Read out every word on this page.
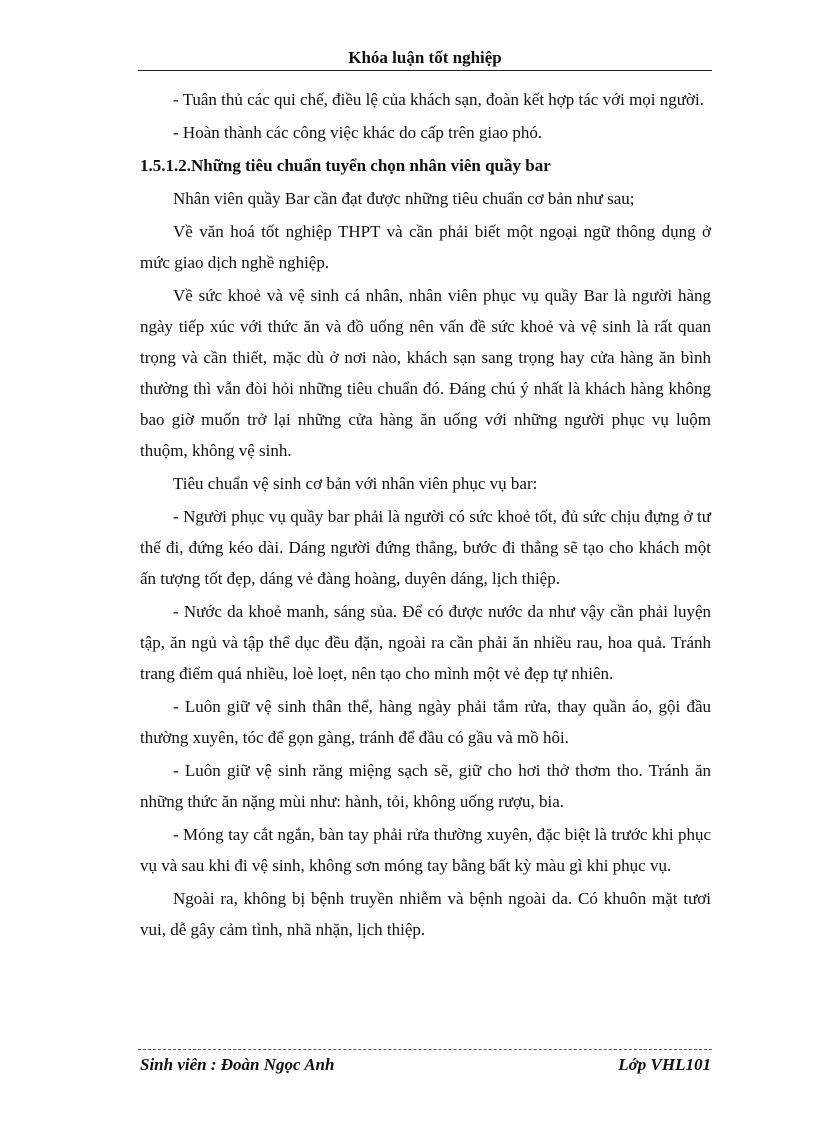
Khóa luận tốt nghiệp

- Tuân thủ các qui chế, điều lệ của khách sạn, đoàn kết hợp tác với mọi người.

- Hoàn thành các công việc khác do cấp trên giao phó.

1.5.1.2.Những tiêu chuẩn tuyển chọn nhân viên quầy bar

Nhân viên quầy Bar cần đạt được những tiêu chuẩn cơ bản như sau;

Về văn hoá tốt nghiệp THPT và cần phải biết một ngoại ngữ thông dụng ở mức giao dịch nghề nghiệp.

Về sức khoẻ và vệ sinh cá nhân, nhân viên phục vụ quầy Bar là người hàng ngày tiếp xúc với thức ăn và đồ uống nên vấn đề sức khoẻ và vệ sinh là rất quan trọng và cần thiết, mặc dù ở nơi nào, khách sạn sang trọng hay cửa hàng ăn bình thường thì vẫn đòi hỏi những tiêu chuẩn đó. Đáng chú ý nhất là khách hàng không bao giờ muốn trở lại những cửa hàng ăn uống với những người phục vụ luộm thuộm, không vệ sinh.

Tiêu chuẩn vệ sinh cơ bản với nhân viên phục vụ bar:

- Người phục vụ quầy bar phải là người có sức khoẻ tốt, đủ sức chịu đựng ở tư thế đi, đứng kéo dài. Dáng người đứng thẳng, bước đi thẳng sẽ tạo cho khách một ấn tượng tốt đẹp, dáng vẻ đàng hoàng, duyên dáng, lịch thiệp.

- Nước da khoẻ manh, sáng sủa. Để có được nước da như vậy cần phải luyện tập, ăn ngủ và tập thể dục đều đặn, ngoài ra cần phải ăn nhiều rau, hoa quả. Tránh trang điểm quá nhiều, loè loẹt, nên tạo cho mình một vẻ đẹp tự nhiên.

- Luôn giữ vệ sinh thân thể, hàng ngày phải tắm rửa, thay quần áo, gội đầu thường xuyên, tóc để gọn gàng, tránh để đầu có gầu và mồ hôi.

- Luôn giữ vệ sinh răng miệng sạch sẽ, giữ cho hơi thở thơm tho. Tránh ăn những thức ăn nặng mùi như: hành, tỏi, không uống rượu, bia.

- Móng tay cắt ngắn, bàn tay phải rửa thường xuyên, đặc biệt là trước khi phục vụ và sau khi đi vệ sinh, không sơn móng tay bằng bất kỳ màu gì khi phục vụ.

Ngoài ra, không bị bệnh truyền nhiễm và bệnh ngoài da. Có khuôn mặt tươi vui, dễ gây cảm tình, nhã nhặn, lịch thiệp.

Sinh viên : Đoàn Ngọc Anh	Lớp VHL101
